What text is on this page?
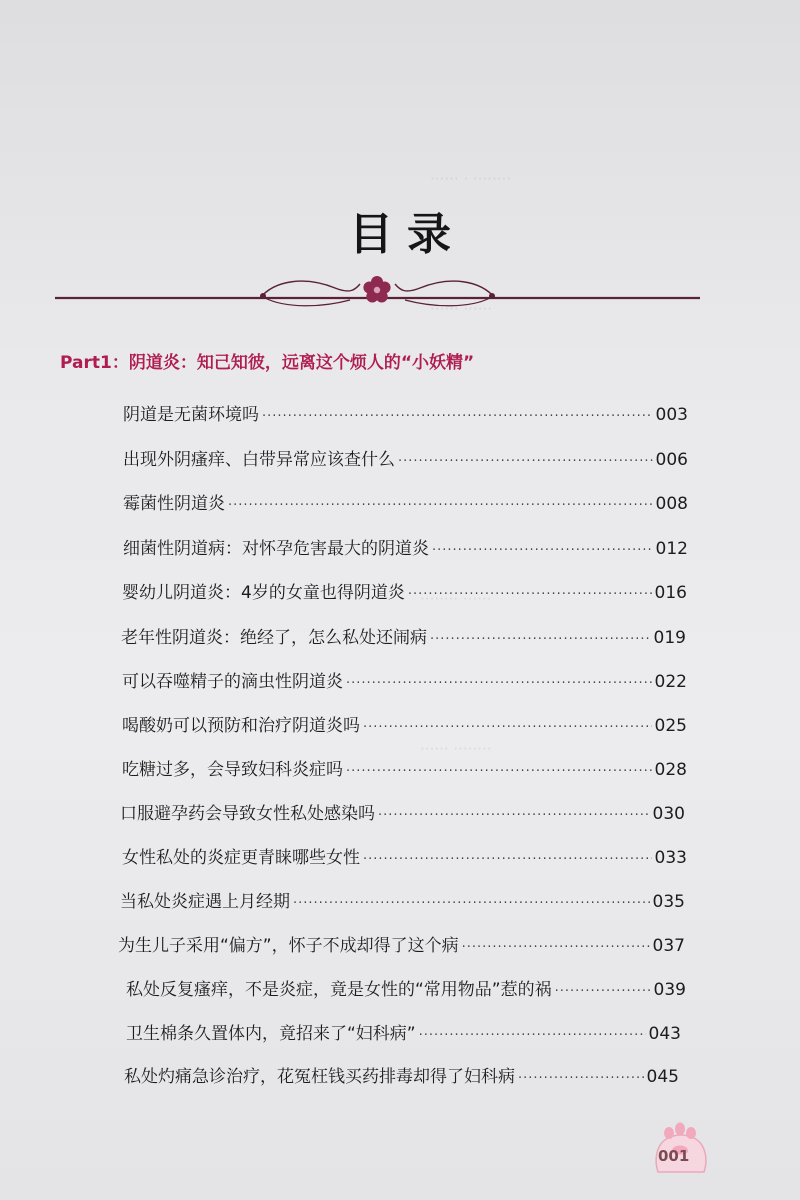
········ · ······
······ ······
······ ········
········ ······
目录
Part1：阴道炎：知己知彼，远离这个烦人的“小妖精”
阴道是无菌环境吗 ·····	003
出现外阴瘙痒、白带异常应该查什么 ·····	006
霉菌性阴道炎 ·····	008
细菌性阴道病：对怀孕危害最大的阴道炎 ·····	012
婴幼儿阴道炎：4岁的女童也得阴道炎 ·····	016
老年性阴道炎：绝经了，怎么私处还闹病 ·····	019
可以吞噬精子的滴虫性阴道炎 ·····	022
喝酸奶可以预防和治疗阴道炎吗 ·····	025
吃糖过多，会导致妇科炎症吗 ·····	028
口服避孕药会导致女性私处感染吗 ·····	030
女性私处的炎症更青睐哪些女性 ·····	033
当私处炎症遇上月经期 ·····	035
为生儿子采用“偏方”，怀子不成却得了这个病 ·····	037
私处反复瘙痒，不是炎症，竟是女性的“常用物品”惹的祸 ·····	039
卫生棉条久置体内，竟招来了“妇科病” ·····	043
私处灼痛急诊治疗，花冤枉钱买药排毒却得了妇科病 ·····	045
001
